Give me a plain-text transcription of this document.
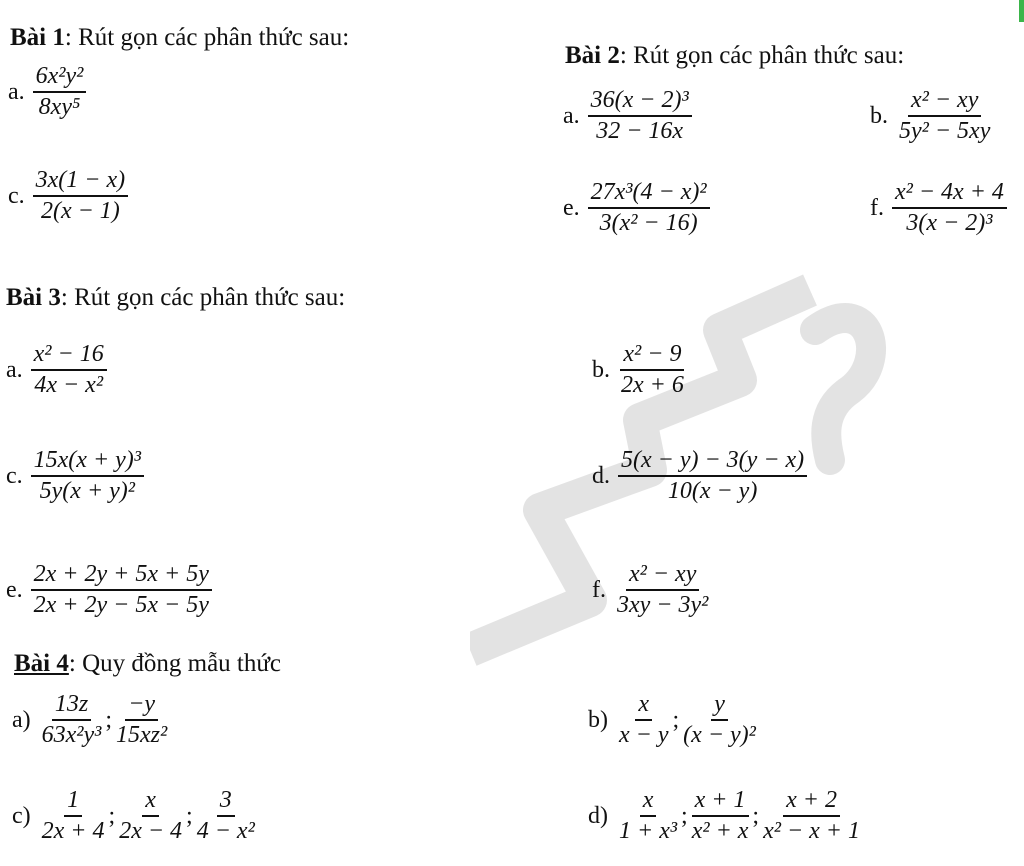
Bài 1: Rút gọn các phân thức sau:
a. $\frac{\text{6x²y²}}{\text{8xy⁵}}$
c. $\frac{3x(1 - x)}{2(x - 1)}$
Bài 2: Rút gọn các phân thức sau:
a. $\frac{\text{36(x − 2)³}}{32 - 16x}$	b. $\frac{\text{x² − xy}}{\text{5y² − 5xy}}$
e. $\frac{\text{27x³(4 − x)²}}{\text{3(x² − 16)}}$	f. $\frac{\text{x² − 4x + 4}}{\text{3(x − 2)³}}$
Bài 3: Rút gọn các phân thức sau:
a. $\frac{\text{x² − 16}}{\text{4x − x²}}$	b. $\frac{\text{x² − 9}}{2x + 6}$
c. $\frac{\text{15x(x + y)³}}{\text{5y(x + y)²}}$	d. $\frac{5(x - y) - 3(y - x)}{10(x - y)}$
e. $\frac{2x + 2y + 5x + 5y}{2x + 2y - 5x - 5y}$	f. $\frac{\text{x² − xy}}{\text{3xy − 3y²}}$
Bài 4: Quy đồng mẫu thức
$a) \frac{13z}{\text{63x²y³}}$ ; $\frac{-y}{\text{15xz²}}$	$b) \frac{x}{x - y}$ ; $\frac{y}{\text{(x − y)²}}$
$c) \frac{1}{2x + 4}$ ; $\frac{x}{2x - 4}$ ; $\frac{3}{\text{4 − x²}}$	$d) \frac{x}{\text{1 + x³}}$ ; $\frac{x + 1}{\text{x² + x}}$ ; $\frac{x + 2}{\text{x² − x + 1}}$
